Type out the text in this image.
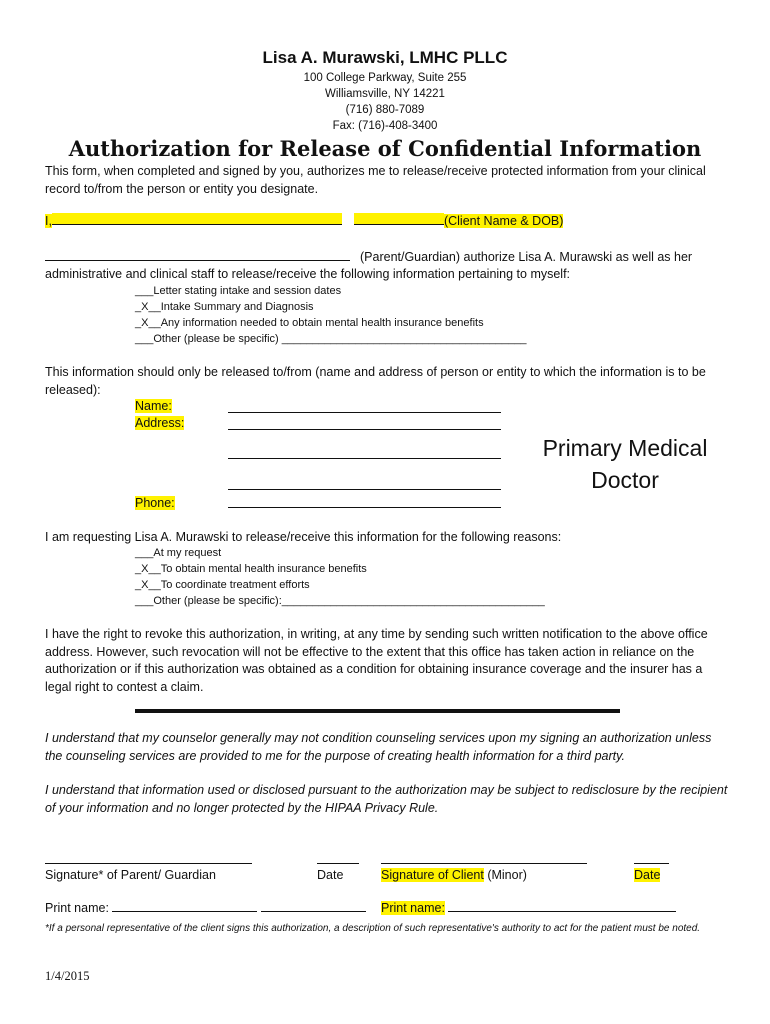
Lisa A. Murawski, LMHC PLLC
100 College Parkway, Suite 255
Williamsville, NY 14221
(716) 880-7089
Fax: (716)-408-3400
Authorization for Release of Confidential Information
This form, when completed and signed by you, authorizes me to release/receive protected information from your clinical record to/from the person or entity you designate.
I,	(Client Name & DOB)
(Parent/Guardian) authorize Lisa A. Murawski as well as her
administrative and clinical staff to release/receive the following information pertaining to myself:
___Letter stating intake and session dates
_X__Intake Summary and Diagnosis
_X__Any information needed to obtain mental health insurance benefits
___Other (please be specific) ________________________________________
This information should only be released to/from (name and address of person or entity to which the information is to be released):
Name:
Address:
Phone:
Primary Medical Doctor
I am requesting Lisa A. Murawski to release/receive this information for the following reasons:
___At my request
_X__To obtain mental health insurance benefits
_X__To coordinate treatment efforts
___Other (please be specific):___________________________________________
I have the right to revoke this authorization, in writing, at any time by sending such written notification to the above office address. However, such revocation will not be effective to the extent that this office has taken action in reliance on the authorization or if this authorization was obtained as a condition for obtaining insurance coverage and the insurer has a legal right to contest a claim.
I understand that my counselor generally may not condition counseling services upon my signing an authorization unless the counseling services are provided to me for the purpose of creating health information for a third party.
I understand that information used or disclosed pursuant to the authorization may be subject to redisclosure by the recipient of your information and no longer protected by the HIPAA Privacy Rule.
Signature* of Parent/ Guardian	Date	Signature of Client (Minor)	Date
Print name:	Print name:
*If a personal representative of the client signs this authorization, a description of such representative's authority to act for the patient must be noted.
1/4/2015
